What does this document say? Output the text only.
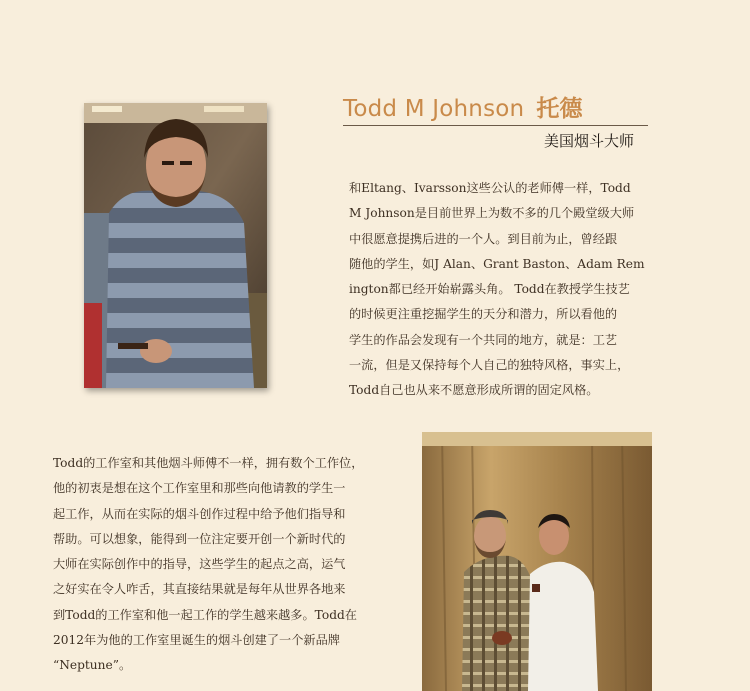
Todd M Johnson 托德
美国烟斗大师
和Eltang、Ivarsson这些公认的老师傅一样，Todd
M Johnson是目前世界上为数不多的几个殿堂级大师
中很愿意提携后进的一个人。到目前为止，曾经跟
随他的学生，如J Alan、Grant Baston、Adam Rem
ington都已经开始崭露头角。 Todd在教授学生技艺
的时候更注重挖掘学生的天分和潜力，所以看他的
学生的作品会发现有一个共同的地方，就是：工艺
一流，但是又保持每个人自己的独特风格，事实上，
Todd自己也从来不愿意形成所谓的固定风格。
Todd的工作室和其他烟斗师傅不一样，拥有数个工作位，
他的初衷是想在这个工作室里和那些向他请教的学生一
起工作，从而在实际的烟斗创作过程中给予他们指导和
帮助。可以想象，能得到一位注定要开创一个新时代的
大师在实际创作中的指导，这些学生的起点之高，运气
之好实在令人咋舌，其直接结果就是每年从世界各地来
到Todd的工作室和他一起工作的学生越来越多。Todd在
2012年为他的工作室里诞生的烟斗创建了一个新品牌
“Neptune”。
